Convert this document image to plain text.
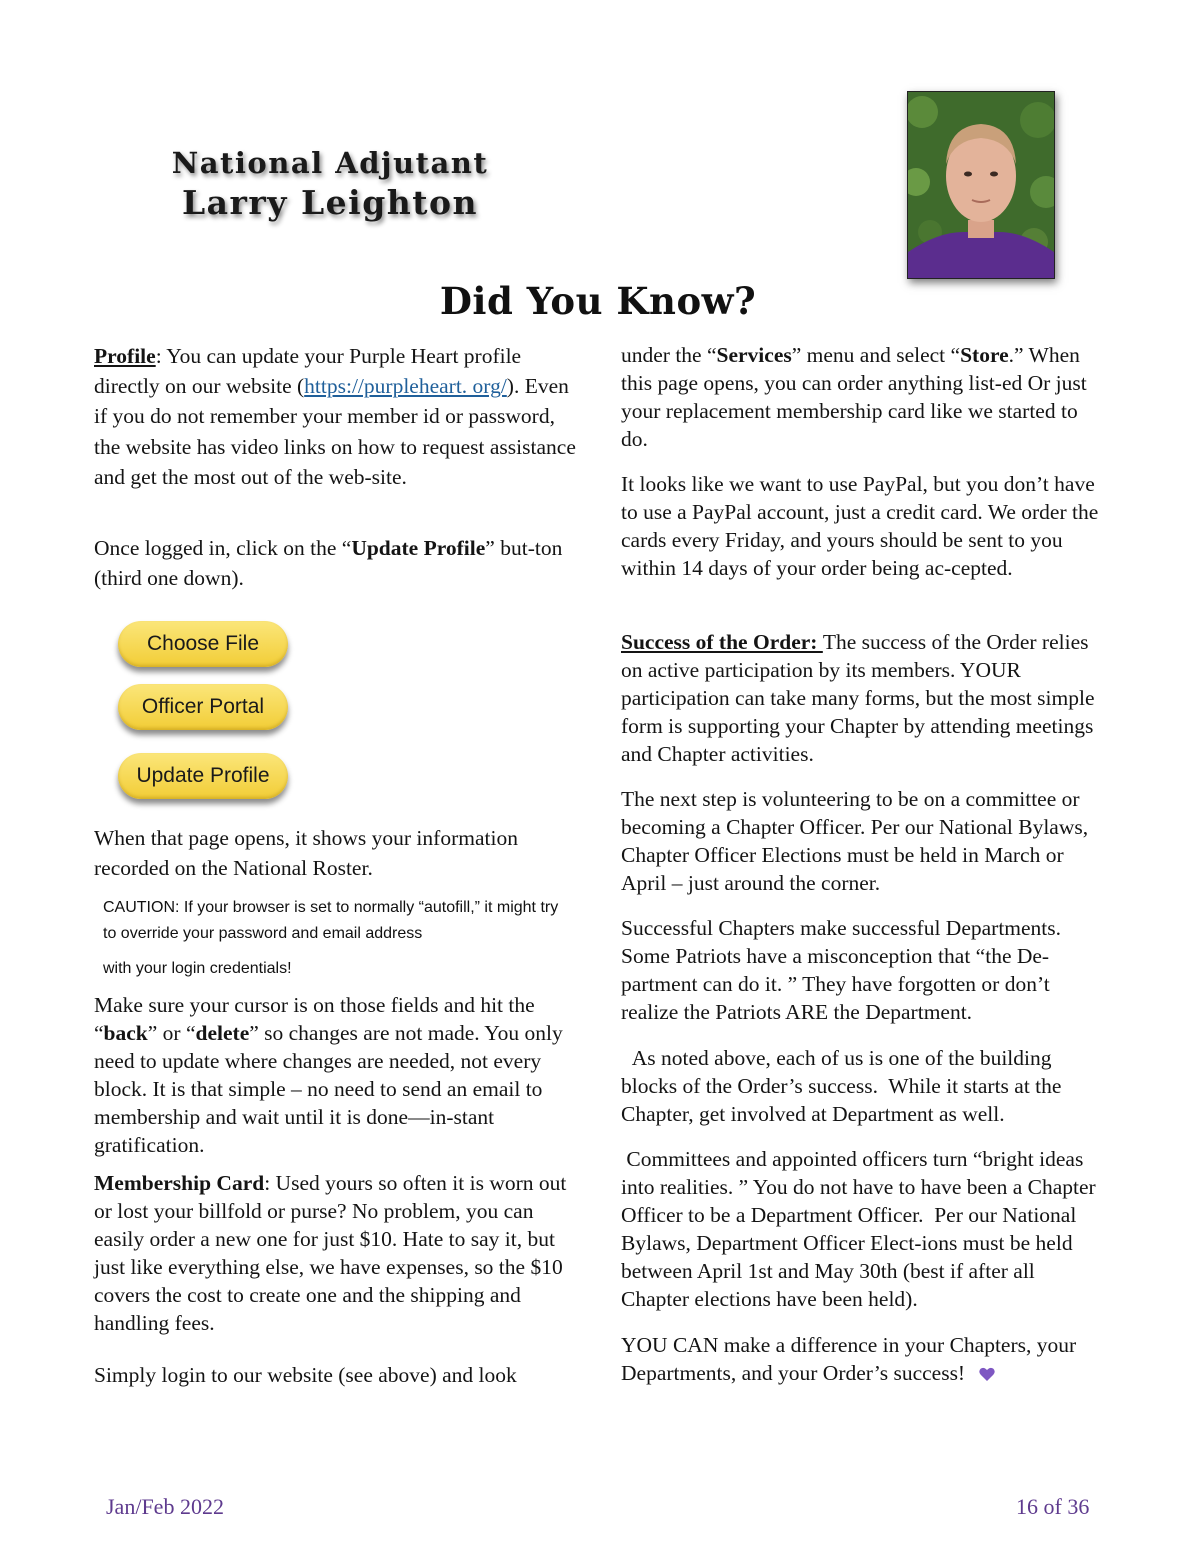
National Adjutant
Larry Leighton
Did You Know?

Profile: You can update your Purple Heart profile directly on our website (https://purpleheart. org/). Even if you do not remember your member id or password, the website has video links on how to request assistance and get the most out of the web-site.

Once logged in, click on the “Update Profile” but-ton (third one down).

Choose File
Officer Portal
Update Profile

When that page opens, it shows your information recorded on the National Roster.

CAUTION: If your browser is set to normally “autofill,” it might try to override your password and email address

with your login credentials!

Make sure your cursor is on those fields and hit the “back” or “delete” so changes are not made. You only need to update where changes are needed, not every block. It is that simple – no need to send an email to membership and wait until it is done—in-stant gratification.

Membership Card: Used yours so often it is worn out or lost your billfold or purse? No problem, you can easily order a new one for just $10. Hate to say it, but just like everything else, we have expenses, so the $10 covers the cost to create one and the shipping and handling fees.

Simply login to our website (see above) and look

under the “Services” menu and select “Store.” When this page opens, you can order anything list-ed Or just your replacement membership card like we started to do.

It looks like we want to use PayPal, but you don’t have to use a PayPal account, just a credit card. We order the cards every Friday, and yours should be sent to you within 14 days of your order being ac-cepted.

Success of the Order: The success of the Order relies on active participation by its members. YOUR participation can take many forms, but the most simple form is supporting your Chapter by attending meetings and Chapter activities.

The next step is volunteering to be on a committee or becoming a Chapter Officer. Per our National Bylaws, Chapter Officer Elections must be held in March or April – just around the corner.

Successful Chapters make successful Departments. Some Patriots have a misconception that “the De-partment can do it. ” They have forgotten or don’t realize the Patriots ARE the Department.

As noted above, each of us is one of the building blocks of the Order’s success.  While it starts at the Chapter, get involved at Department as well.

Committees and appointed officers turn “bright ideas into realities. ” You do not have to have been a Chapter Officer to be a Department Officer.  Per our National Bylaws, Department Officer Elect-ions must be held between April 1st and May 30th (best if after all Chapter elections have been held).

YOU CAN make a difference in your Chapters, your Departments, and your Order’s success!

Jan/Feb 2022	16 of 36
